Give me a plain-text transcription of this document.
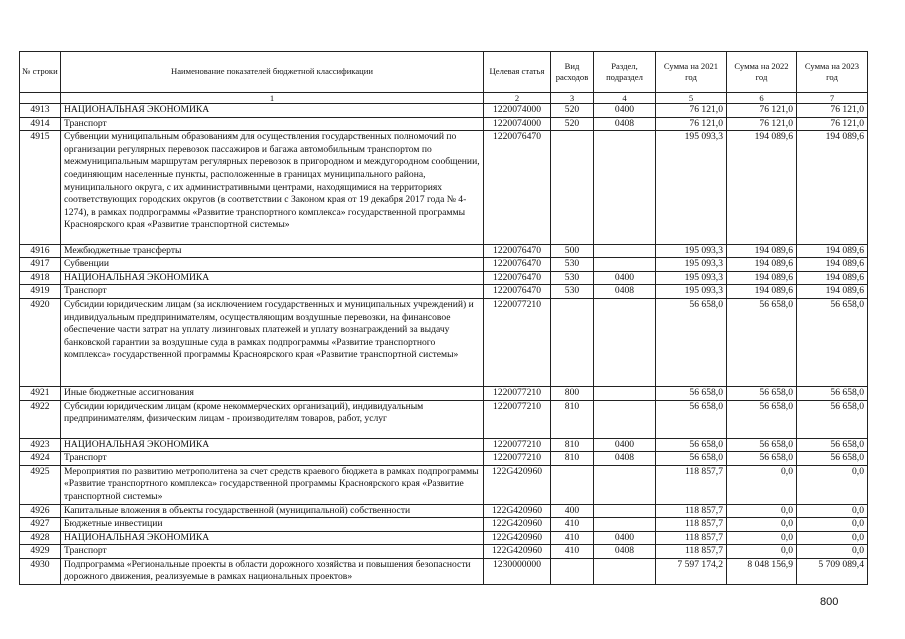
№ строки	Наименование показателей бюджетной классификации	Целевая статья	Вид расходов	Раздел, подраздел	Сумма на 2021 год	Сумма на 2022 год	Сумма на 2023 год
	1	2	3	4	5	6	7
4913	НАЦИОНАЛЬНАЯ ЭКОНОМИКА	1220074000	520	0400	76 121,0	76 121,0	76 121,0
4914	Транспорт	1220074000	520	0408	76 121,0	76 121,0	76 121,0
4915	Субвенции муниципальным образованиям для осуществления государственных полномочий по организации регулярных перевозок пассажиров и багажа автомобильным транспортом по межмуниципальным маршрутам регулярных перевозок в пригородном и междугородном сообщении, соединяющим населенные пункты, расположенные в границах муниципального района, муниципального округа, с их административными центрами, находящимися на территориях соответствующих городских округов (в соответствии с Законом края от 19 декабря 2017 года № 4-1274), в рамках подпрограммы «Развитие транспортного комплекса» государственной программы Красноярского края «Развитие транспортной системы»	1220076470			195 093,3	194 089,6	194 089,6
4916	Межбюджетные трансферты	1220076470	500		195 093,3	194 089,6	194 089,6
4917	Субвенции	1220076470	530		195 093,3	194 089,6	194 089,6
4918	НАЦИОНАЛЬНАЯ ЭКОНОМИКА	1220076470	530	0400	195 093,3	194 089,6	194 089,6
4919	Транспорт	1220076470	530	0408	195 093,3	194 089,6	194 089,6
4920	Субсидии юридическим лицам (за исключением государственных и муниципальных учреждений) и индивидуальным предпринимателям, осуществляющим воздушные перевозки, на финансовое обеспечение части затрат на уплату лизинговых платежей и уплату вознаграждений за выдачу банковской гарантии за воздушные суда в рамках подпрограммы «Развитие транспортного комплекса» государственной программы Красноярского края «Развитие транспортной системы»	1220077210			56 658,0	56 658,0	56 658,0
4921	Иные бюджетные ассигнования	1220077210	800		56 658,0	56 658,0	56 658,0
4922	Субсидии юридическим лицам (кроме некоммерческих организаций), индивидуальным предпринимателям, физическим лицам - производителям товаров, работ, услуг	1220077210	810		56 658,0	56 658,0	56 658,0
4923	НАЦИОНАЛЬНАЯ ЭКОНОМИКА	1220077210	810	0400	56 658,0	56 658,0	56 658,0
4924	Транспорт	1220077210	810	0408	56 658,0	56 658,0	56 658,0
4925	Мероприятия по развитию метрополитена за счет средств краевого бюджета в рамках подпрограммы «Развитие транспортного комплекса» государственной программы Красноярского края «Развитие транспортной системы»	122G420960			118 857,7	0,0	0,0
4926	Капитальные вложения в объекты государственной (муниципальной) собственности	122G420960	400		118 857,7	0,0	0,0
4927	Бюджетные инвестиции	122G420960	410		118 857,7	0,0	0,0
4928	НАЦИОНАЛЬНАЯ ЭКОНОМИКА	122G420960	410	0400	118 857,7	0,0	0,0
4929	Транспорт	122G420960	410	0408	118 857,7	0,0	0,0
4930	Подпрограмма «Региональные проекты в области дорожного хозяйства и повышения безопасности дорожного движения, реализуемые в рамках национальных проектов»	1230000000			7 597 174,2	8 048 156,9	5 709 089,4
800
